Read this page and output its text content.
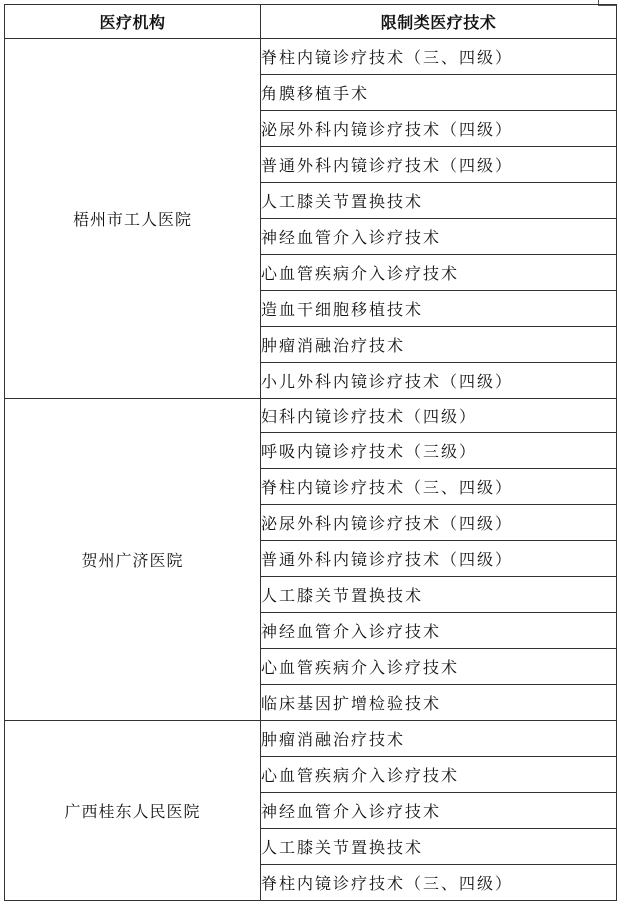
医疗机构	限制类医疗技术
梧州市工人医院	脊柱内镜诊疗技术（三、四级）
	角膜移植手术
	泌尿外科内镜诊疗技术（四级）
	普通外科内镜诊疗技术（四级）
	人工膝关节置换技术
	神经血管介入诊疗技术
	心血管疾病介入诊疗技术
	造血干细胞移植技术
	肿瘤消融治疗技术
	小儿外科内镜诊疗技术（四级）
贺州广济医院	妇科内镜诊疗技术（四级）
	呼吸内镜诊疗技术（三级）
	脊柱内镜诊疗技术（三、四级）
	泌尿外科内镜诊疗技术（四级）
	普通外科内镜诊疗技术（四级）
	人工膝关节置换技术
	神经血管介入诊疗技术
	心血管疾病介入诊疗技术
	临床基因扩增检验技术
广西桂东人民医院	肿瘤消融治疗技术
	心血管疾病介入诊疗技术
	神经血管介入诊疗技术
	人工膝关节置换技术
	脊柱内镜诊疗技术（三、四级）
